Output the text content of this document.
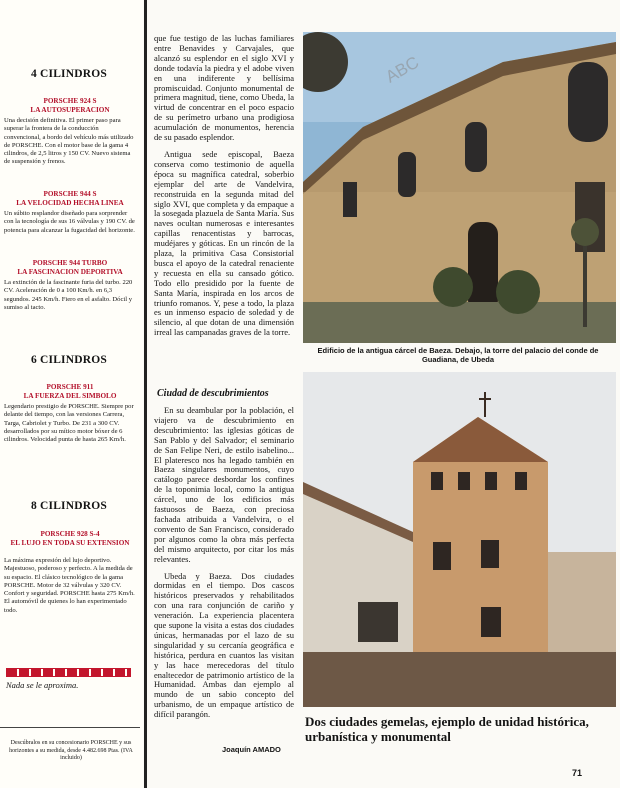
4 CILINDROS
PORSCHE 924 S
LA AUTOSUPERACION
Una decisión definitiva. El primer paso para superar la frontera de la conducción convencional, a bordo del vehículo más utilizado de PORSCHE. Con el motor base de la gama 4 cilindros, de 2,5 litros y 150 CV. Nuevo sistema de suspensión y frenos.
PORSCHE 944 S
LA VELOCIDAD HECHA LINEA
Un súbito resplandor diseñado para sorprender con la tecnología de sus 16 válvulas y 190 CV. de potencia para alcanzar la fugacidad del horizonte.
PORSCHE 944 TURBO
LA FASCINACION DEPORTIVA
La extinción de la fascinante furia del turbo. 220 CV. Aceleración de 0 a 100 Km/h. en 6,3 segundos. 245 Km/h. Fiero en el asfalto. Dócil y sumiso al tacto.
6 CILINDROS
PORSCHE 911
LA FUERZA DEL SIMBOLO
Legendario prestigio de PORSCHE. Siempre por delante del tiempo, con las versiones Carrera, Targa, Cabriolet y Turbo. De 231 a 300 CV. desarrollados por su mítico motor bóxer de 6 cilindros. Velocidad punta de hasta 265 Km/h.
8 CILINDROS
PORSCHE 928 S-4
EL LUJO EN TODA SU EXTENSION
La máxima expresión del lujo deportivo. Majestuoso, poderoso y perfecto. A la medida de su espacio. El clásico tecnológico de la gama PORSCHE. Motor de 32 válvulas y 320 CV. Confort y seguridad. PORSCHE hasta 275 Km/h. El automóvil de quienes lo han experimentado todo.
Nada se le aproxima.
Descúbralos en su concesionario PORSCHE y sus horizontes a su medida, desde 4.482.698 Ptas. (IVA incluido)

que fue testigo de las luchas familiares entre Benavides y Carvajales, que alcanzó su esplendor en el siglo XVI y donde todavía la piedra y el adobe viven en una indiferente y bellísima promiscuidad. Conjunto monumental de primera magnitud, tiene, como Ubeda, la virtud de concentrar en el poco espacio de su perímetro urbano una prodigiosa acumulación de monumentos, herencia de su pasado esplendor.

Antigua sede episcopal, Baeza conserva como testimonio de aquella época su magnífica catedral, soberbio ejemplar del arte de Vandelvira, reconstruida en la segunda mitad del siglo XVI, que completa y da empaque a la sosegada plazuela de Santa María. Sus naves ocultan numerosas e interesantes capillas renacentistas y barrocas, mudéjares y góticas. En un rincón de la plaza, la primitiva Casa Consistorial busca el apoyo de la catedral renaciente y recuesta en ella su cansado gótico. Todo ello presidido por la fuente de Santa María, inspirada en los arcos de triunfo romanos. Y, pese a todo, la plaza es un inmenso espacio de soledad y de silencio, al que dotan de una dimensión irreal las campanadas graves de la torre.

Ciudad de descubrimientos

En su deambular por la población, el viajero va de descubrimiento en descubrimiento: las iglesias góticas de San Pablo y del Salvador; el seminario de San Felipe Neri, de estilo isabelino... El plateresco nos ha legado también en Baeza singulares monumentos, cuyo catálogo parece desbordar los confines de la toponimia local, como la antigua cárcel, uno de los edificios más fastuosos de Baeza, con preciosa fachada atribuida a Vandelvira, o el convento de San Francisco, considerado por algunos como la obra más perfecta del mismo arquitecto, por citar los más relevantes.

Ubeda y Baeza. Dos ciudades dormidas en el tiempo. Dos cascos históricos preservados y rehabilitados con una rara conjunción de cariño y veneración. La experiencia placentera que supone la visita a estas dos ciudades únicas, hermanadas por el lazo de su singularidad y su cercanía geográfica e histórica, perdura en cuantos las visitan y las hace merecedoras del título enaltecedor de patrimonio artístico de la Humanidad. Ambas dan ejemplo al mundo de un sabio concepto del urbanismo, de un empaque artístico de difícil parangón.

Joaquín AMADO
ABC
Edificio de la antigua cárcel de Baeza. Debajo, la torre del palacio del conde de Guadiana, de Ubeda
Dos ciudades gemelas, ejemplo de unidad histórica, urbanística y monumental
71
